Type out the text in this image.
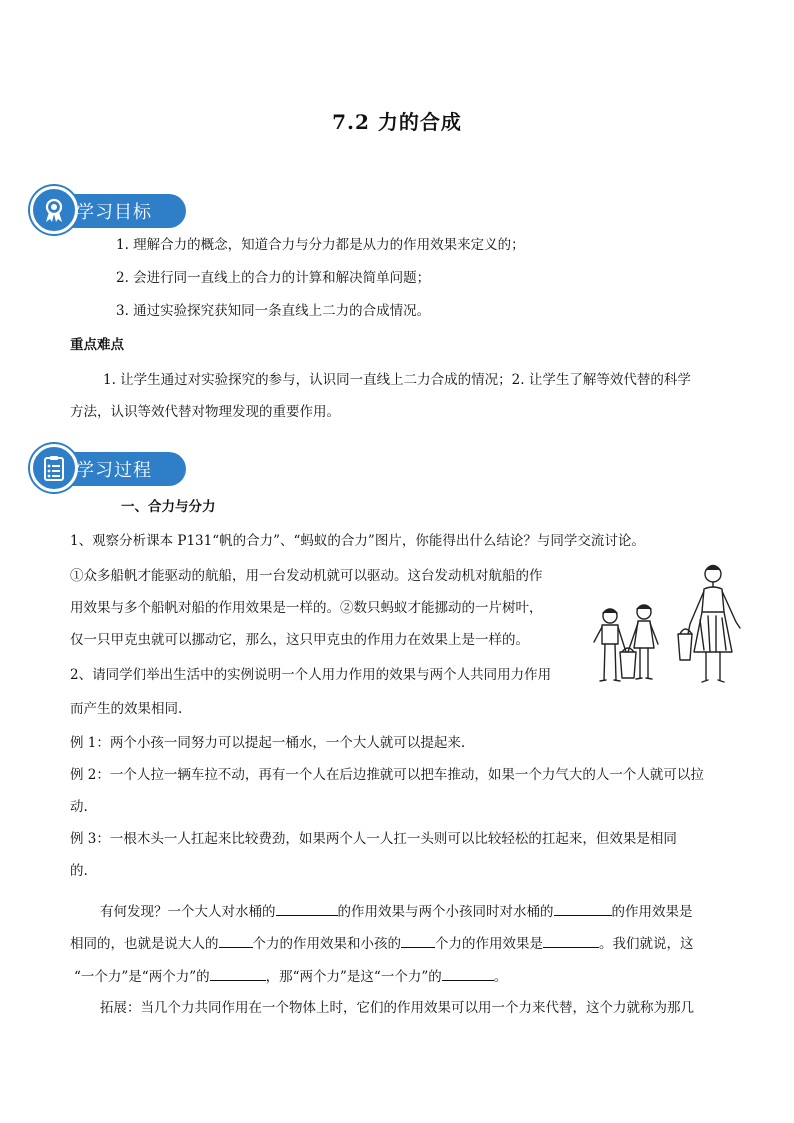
7.2 力的合成
学习目标
1. 理解合力的概念，知道合力与分力都是从力的作用效果来定义的；
2. 会进行同一直线上的合力的计算和解决简单问题；
3. 通过实验探究获知同一条直线上二力的合成情况。
重点难点
1. 让学生通过对实验探究的参与，认识同一直线上二力合成的情况；2. 让学生了解等效代替的科学
方法，认识等效代替对物理发现的重要作用。
学习过程
一、合力与分力
1、观察分析课本 P131“帆的合力”、“蚂蚁的合力”图片，你能得出什么结论？与同学交流讨论。
①众多船帆才能驱动的航船，用一台发动机就可以驱动。这台发动机对航船的作
用效果与多个船帆对船的作用效果是一样的。②数只蚂蚁才能挪动的一片树叶，
仅一只甲克虫就可以挪动它，那么，这只甲克虫的作用力在效果上是一样的。
2、请同学们举出生活中的实例说明一个人用力作用的效果与两个人共同用力作用
而产生的效果相同.
例 1：两个小孩一同努力可以提起一桶水，一个大人就可以提起来.
例 2：一个人拉一辆车拉不动，再有一个人在后边推就可以把车推动，如果一个力气大的人一个人就可以拉
动.
例 3：一根木头一人扛起来比较费劲，如果两个人一人扛一头则可以比较轻松的扛起来，但效果是相同
的.
有何发现？一个大人对水桶的	的作用效果与两个小孩同时对水桶的	的作用效果是
相同的，也就是说大人的	个力的作用效果和小孩的	个力的作用效果是	。我们就说，这
“一个力”是“两个力”的	，那“两个力”是这“一个力”的	。
拓展：当几个力共同作用在一个物体上时，它们的作用效果可以用一个力来代替，这个力就称为那几
